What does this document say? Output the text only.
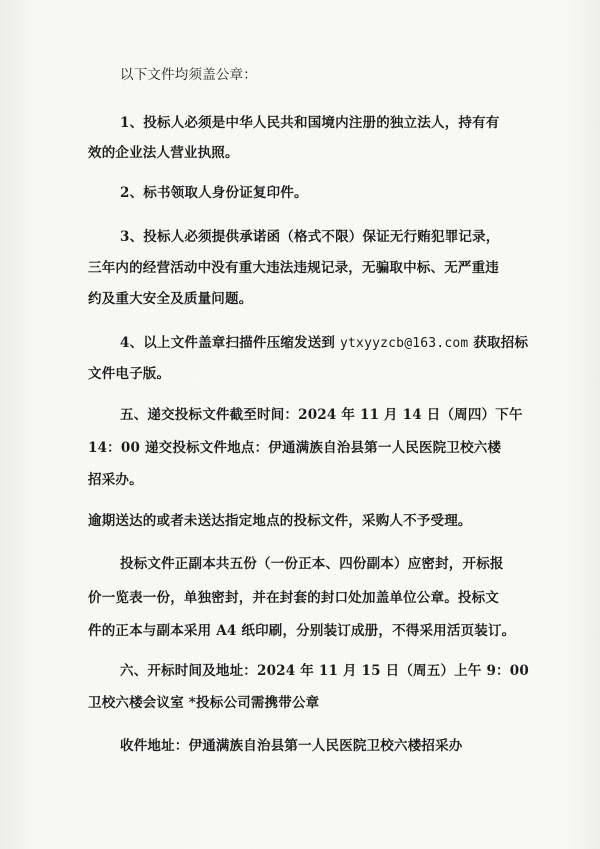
以下文件均须盖公章：
1、投标人必须是中华人民共和国境内注册的独立法人，持有有
效的企业法人营业执照。
2、标书领取人身份证复印件。
3、投标人必须提供承诺函（格式不限）保证无行贿犯罪记录，
三年内的经营活动中没有重大违法违规记录，无骗取中标、无严重违
约及重大安全及质量问题。
4、以上文件盖章扫描件压缩发送到 ytxyyzcb@163.com 获取招标
文件电子版。
五、递交投标文件截至时间：2024 年 11 月 14 日（周四）下午
14：00 递交投标文件地点：伊通满族自治县第一人民医院卫校六楼
招采办。
逾期送达的或者未送达指定地点的投标文件，采购人不予受理。
投标文件正副本共五份（一份正本、四份副本）应密封，开标报
价一览表一份，单独密封，并在封套的封口处加盖单位公章。投标文
件的正本与副本采用 A4 纸印刷，分别装订成册，不得采用活页装订。
六、开标时间及地址：2024 年 11 月 15 日（周五）上午 9：00
卫校六楼会议室 *投标公司需携带公章
收件地址：伊通满族自治县第一人民医院卫校六楼招采办
